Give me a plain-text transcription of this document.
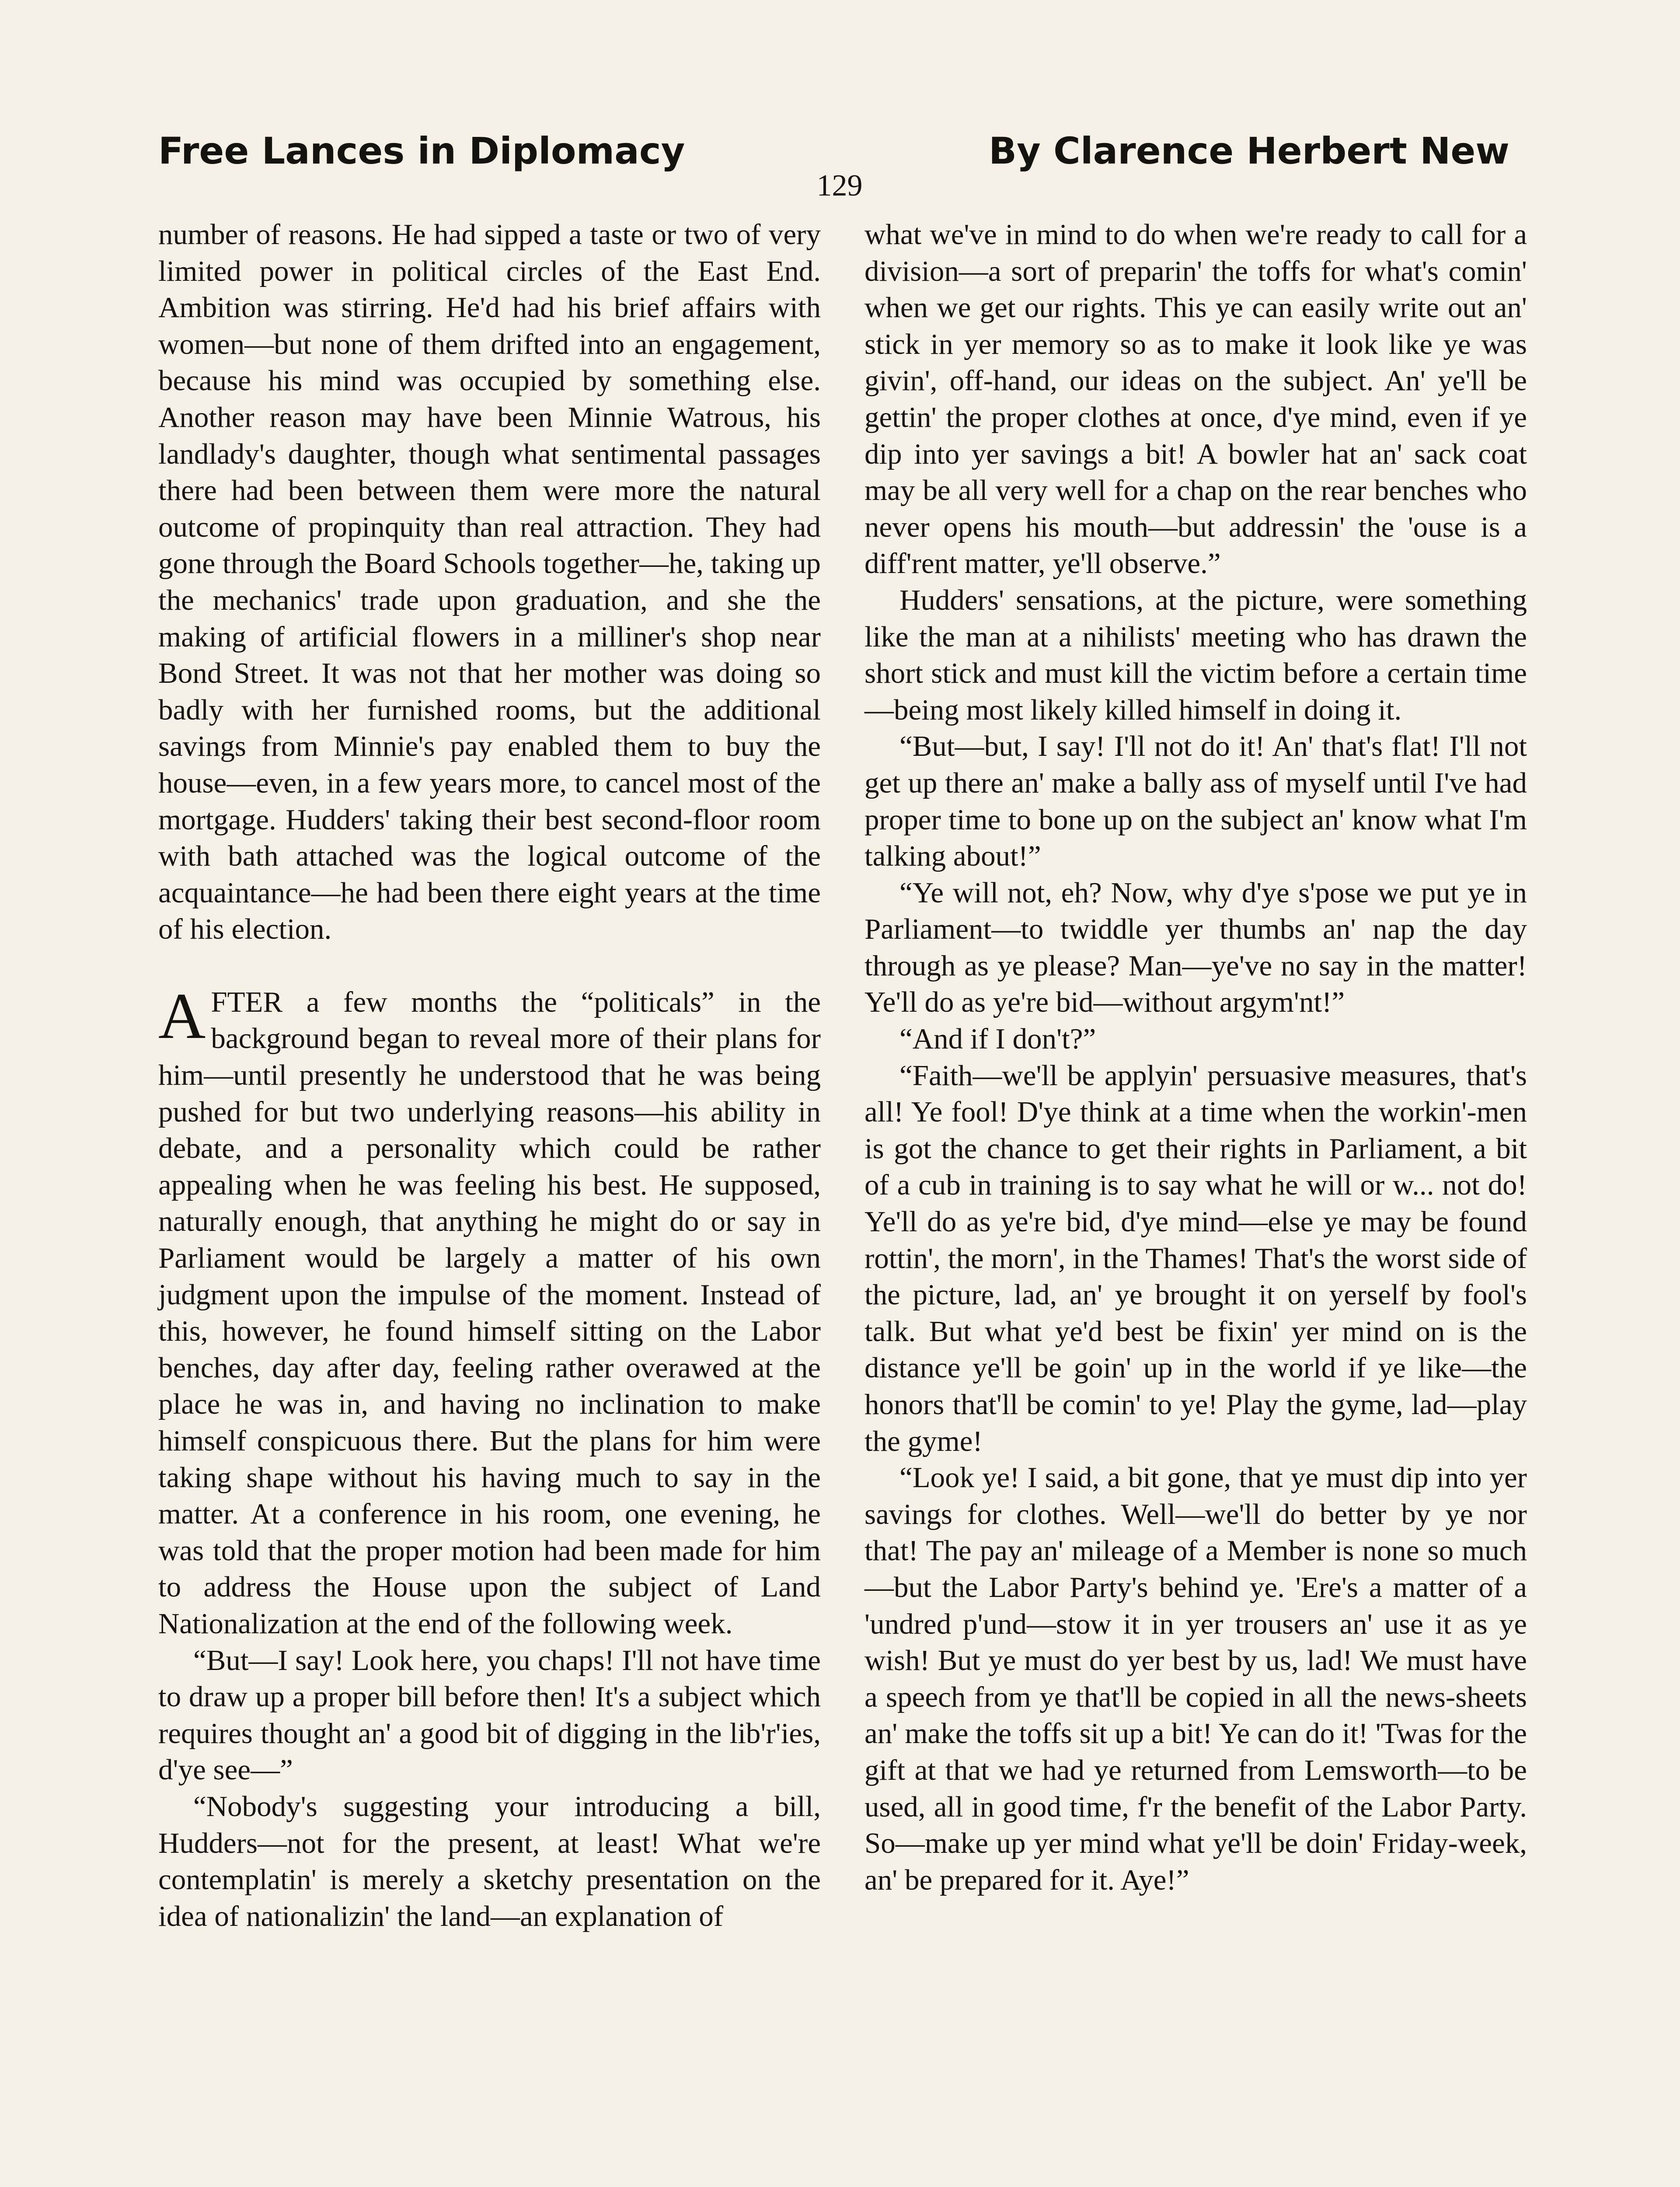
Free Lances in Diplomacy	By Clarence Herbert New
129

number of reasons. He had sipped a taste or two of very limited power in political circles of the East End. Ambition was stirring. He'd had his brief affairs with women—but none of them drifted into an engagement, because his mind was occupied by something else. Another reason may have been Minnie Watrous, his landlady's daughter, though what sentimental passages there had been between them were more the natural outcome of propinquity than real attraction. They had gone through the Board Schools together—he, taking up the mechanics' trade upon graduation, and she the making of artificial flowers in a milliner's shop near Bond Street. It was not that her mother was doing so badly with her furnished rooms, but the additional savings from Minnie's pay enabled them to buy the house—even, in a few years more, to cancel most of the mortgage. Hudders' taking their best second-floor room with bath attached was the logical outcome of the acquaintance—he had been there eight years at the time of his election.

AFTER a few months the “politicals” in the background began to reveal more of their plans for him—until presently he understood that he was being pushed for but two underlying reasons—his ability in debate, and a personality which could be rather appealing when he was feeling his best. He supposed, naturally enough, that anything he might do or say in Parliament would be largely a matter of his own judgment upon the impulse of the moment. Instead of this, however, he found himself sitting on the Labor benches, day after day, feeling rather overawed at the place he was in, and having no inclination to make himself conspicuous there. But the plans for him were taking shape without his having much to say in the matter. At a conference in his room, one evening, he was told that the proper motion had been made for him to address the House upon the subject of Land Nationalization at the end of the following week.

“But—I say! Look here, you chaps! I'll not have time to draw up a proper bill before then! It's a subject which requires thought an' a good bit of digging in the lib'r'ies, d'ye see—”

“Nobody's suggesting your introducing a bill, Hudders—not for the present, at least! What we're contemplatin' is merely a sketchy presentation on the idea of nationalizin' the land—an explanation of

what we've in mind to do when we're ready to call for a division—a sort of preparin' the toffs for what's comin' when we get our rights. This ye can easily write out an' stick in yer memory so as to make it look like ye was givin', off-hand, our ideas on the subject. An' ye'll be gettin' the proper clothes at once, d'ye mind, even if ye dip into yer savings a bit! A bowler hat an' sack coat may be all very well for a chap on the rear benches who never opens his mouth—but addressin' the 'ouse is a diff'rent matter, ye'll observe.”

Hudders' sensations, at the picture, were something like the man at a nihilists' meeting who has drawn the short stick and must kill the victim before a certain time—being most likely killed himself in doing it.

“But—but, I say! I'll not do it! An' that's flat! I'll not get up there an' make a bally ass of myself until I've had proper time to bone up on the subject an' know what I'm talking about!”

“Ye will not, eh? Now, why d'ye s'pose we put ye in Parliament—to twiddle yer thumbs an' nap the day through as ye please? Man—ye've no say in the matter! Ye'll do as ye're bid—without argym'nt!”

“And if I don't?”

“Faith—we'll be applyin' persuasive measures, that's all! Ye fool! D'ye think at a time when the workin'-men is got the chance to get their rights in Parliament, a bit of a cub in training is to say what he will or w... not do! Ye'll do as ye're bid, d'ye mind—else ye may be found rottin', the morn', in the Thames! That's the worst side of the picture, lad, an' ye brought it on yerself by fool's talk. But what ye'd best be fixin' yer mind on is the distance ye'll be goin' up in the world if ye like—the honors that'll be comin' to ye! Play the gyme, lad—play the gyme!

“Look ye! I said, a bit gone, that ye must dip into yer savings for clothes. Well—we'll do better by ye nor that! The pay an' mileage of a Member is none so much—but the Labor Party's behind ye. 'Ere's a matter of a 'undred p'und—stow it in yer trousers an' use it as ye wish! But ye must do yer best by us, lad! We must have a speech from ye that'll be copied in all the news-sheets an' make the toffs sit up a bit! Ye can do it! 'Twas for the gift at that we had ye returned from Lemsworth—to be used, all in good time, f'r the benefit of the Labor Party. So—make up yer mind what ye'll be doin' Friday-week, an' be prepared for it. Aye!”
